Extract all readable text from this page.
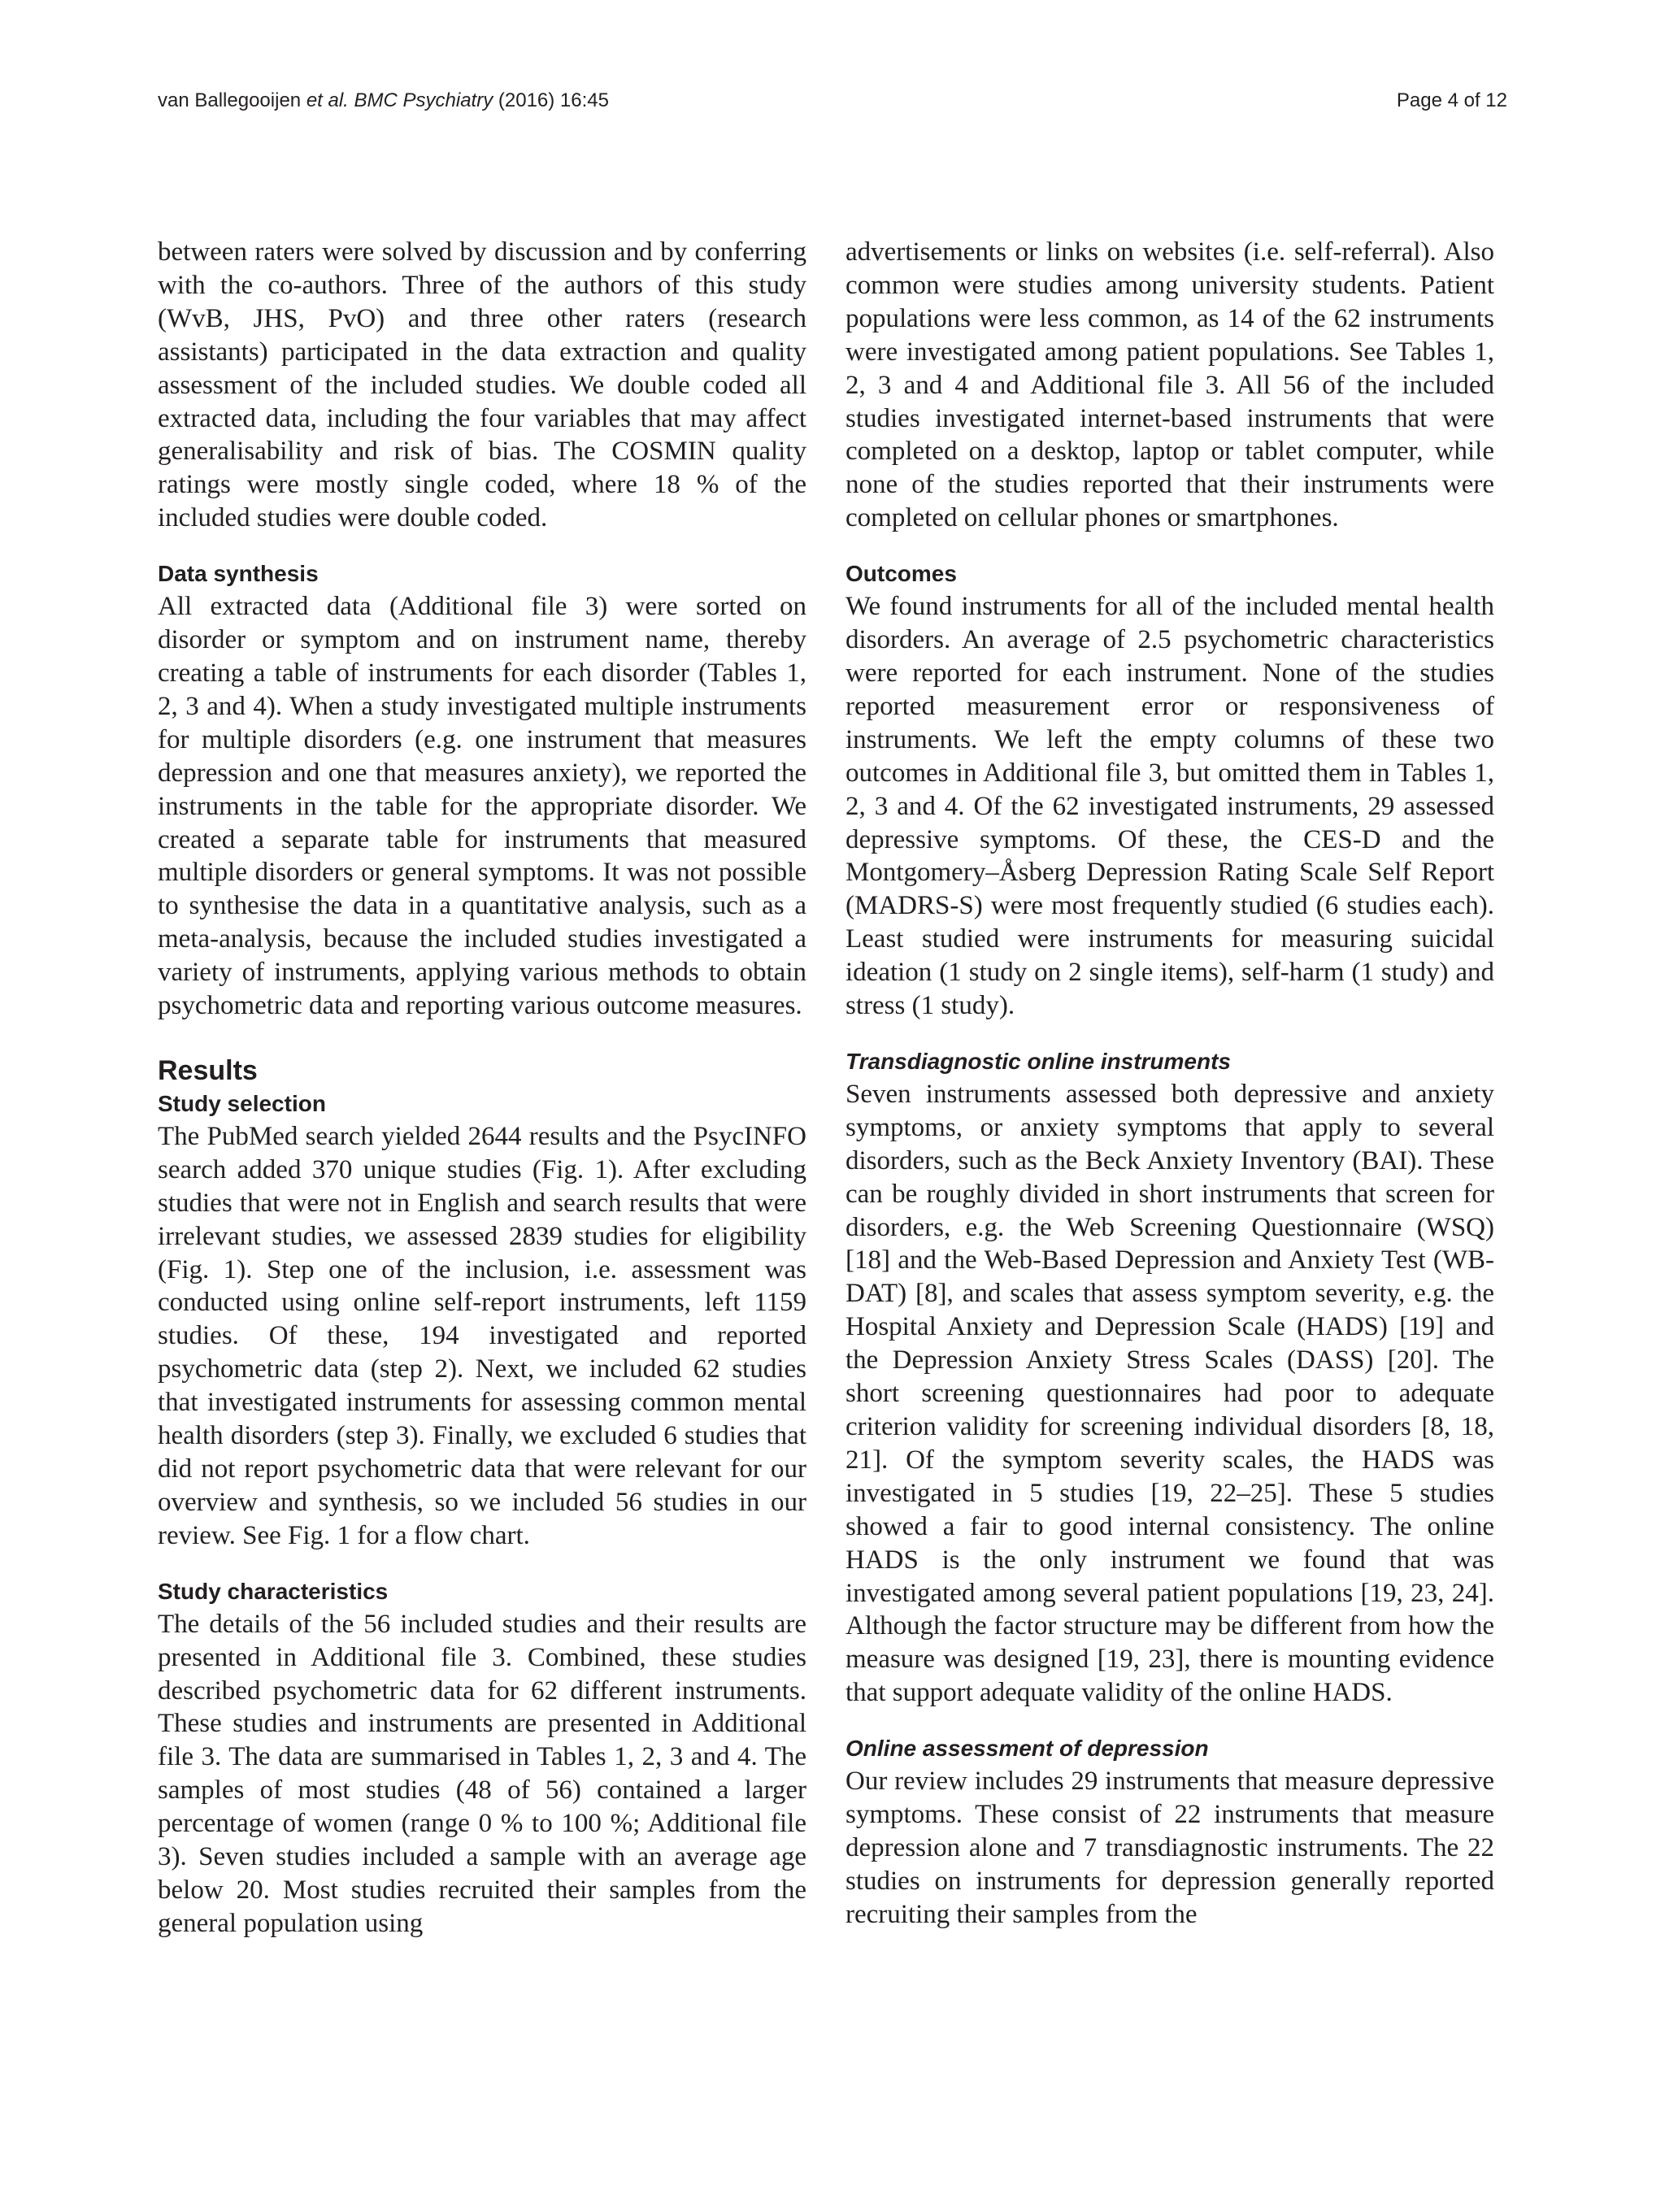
van Ballegooijen et al. BMC Psychiatry (2016) 16:45	Page 4 of 12

between raters were solved by discussion and by conferring with the co-authors. Three of the authors of this study (WvB, JHS, PvO) and three other raters (research assistants) participated in the data extraction and quality assessment of the included studies. We double coded all extracted data, including the four variables that may affect generalisability and risk of bias. The COSMIN quality ratings were mostly single coded, where 18 % of the included studies were double coded.

Data synthesis

All extracted data (Additional file 3) were sorted on disorder or symptom and on instrument name, thereby creating a table of instruments for each disorder (Tables 1, 2, 3 and 4). When a study investigated multiple instruments for multiple disorders (e.g. one instrument that measures depression and one that measures anxiety), we reported the instruments in the table for the appropriate disorder. We created a separate table for instruments that measured multiple disorders or general symptoms. It was not possible to synthesise the data in a quantitative analysis, such as a meta-analysis, because the included studies investigated a variety of instruments, applying various methods to obtain psychometric data and reporting various outcome measures.

Results
Study selection

The PubMed search yielded 2644 results and the PsycINFO search added 370 unique studies (Fig. 1). After excluding studies that were not in English and search results that were irrelevant studies, we assessed 2839 studies for eligibility (Fig. 1). Step one of the inclusion, i.e. assessment was conducted using online self-report instruments, left 1159 studies. Of these, 194 investigated and reported psychometric data (step 2). Next, we included 62 studies that investigated instruments for assessing common mental health disorders (step 3). Finally, we excluded 6 studies that did not report psychometric data that were relevant for our overview and synthesis, so we included 56 studies in our review. See Fig. 1 for a flow chart.

Study characteristics

The details of the 56 included studies and their results are presented in Additional file 3. Combined, these studies described psychometric data for 62 different instruments. These studies and instruments are presented in Additional file 3. The data are summarised in Tables 1, 2, 3 and 4. The samples of most studies (48 of 56) contained a larger percentage of women (range 0 % to 100 %; Additional file 3). Seven studies included a sample with an average age below 20. Most studies recruited their samples from the general population using

advertisements or links on websites (i.e. self-referral). Also common were studies among university students. Patient populations were less common, as 14 of the 62 instruments were investigated among patient populations. See Tables 1, 2, 3 and 4 and Additional file 3. All 56 of the included studies investigated internet-based instruments that were completed on a desktop, laptop or tablet computer, while none of the studies reported that their instruments were completed on cellular phones or smartphones.

Outcomes

We found instruments for all of the included mental health disorders. An average of 2.5 psychometric characteristics were reported for each instrument. None of the studies reported measurement error or responsiveness of instruments. We left the empty columns of these two outcomes in Additional file 3, but omitted them in Tables 1, 2, 3 and 4. Of the 62 investigated instruments, 29 assessed depressive symptoms. Of these, the CES-D and the Montgomery–Åsberg Depression Rating Scale Self Report (MADRS-S) were most frequently studied (6 studies each). Least studied were instruments for measuring suicidal ideation (1 study on 2 single items), self-harm (1 study) and stress (1 study).

Transdiagnostic online instruments

Seven instruments assessed both depressive and anxiety symptoms, or anxiety symptoms that apply to several disorders, such as the Beck Anxiety Inventory (BAI). These can be roughly divided in short instruments that screen for disorders, e.g. the Web Screening Questionnaire (WSQ) [18] and the Web-Based Depression and Anxiety Test (WB-DAT) [8], and scales that assess symptom severity, e.g. the Hospital Anxiety and Depression Scale (HADS) [19] and the Depression Anxiety Stress Scales (DASS) [20]. The short screening questionnaires had poor to adequate criterion validity for screening individual disorders [8, 18, 21]. Of the symptom severity scales, the HADS was investigated in 5 studies [19, 22–25]. These 5 studies showed a fair to good internal consistency. The online HADS is the only instrument we found that was investigated among several patient populations [19, 23, 24]. Although the factor structure may be different from how the measure was designed [19, 23], there is mounting evidence that support adequate validity of the online HADS.

Online assessment of depression

Our review includes 29 instruments that measure depressive symptoms. These consist of 22 instruments that measure depression alone and 7 transdiagnostic instruments. The 22 studies on instruments for depression generally reported recruiting their samples from the
